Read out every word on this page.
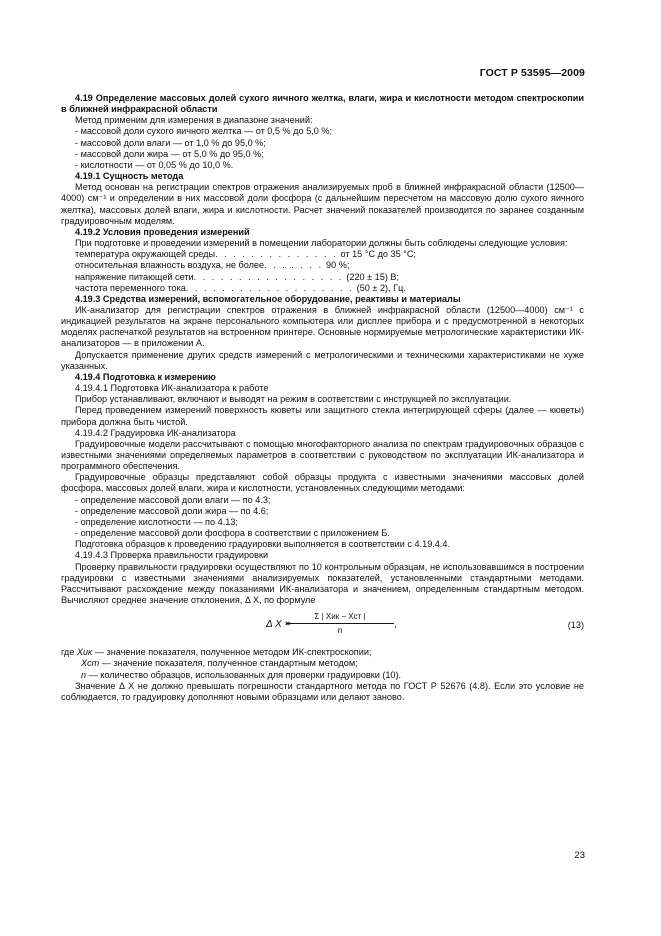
ГОСТ Р 53595—2009

4.19 Определение массовых долей сухого яичного желтка, влаги, жира и кислотности методом спектроскопии в ближней инфракрасной области

Метод применим для измерения в диапазоне значений:

- массовой доли сухого яичного желтка — от 0,5 % до 5,0 %;

- массовой доли влаги — от 1,0 % до 95,0 %;

- массовой доли жира — от 5,0 % до 95,0 %;

- кислотности — от 0,05 % до 10,0 %.

4.19.1 Сущность метода

Метод основан на регистрации спектров отражения анализируемых проб в ближней инфракрасной области (12500—4000) см⁻¹ и определении в них массовой доли фосфора (с дальнейшим пересчетом на массовую долю сухого яичного желтка), массовых долей влаги, жира и кислотности. Расчет значений показателей производится по заранее созданным градуировочным моделям.

4.19.2 Условия проведения измерений

При подготовке и проведении измерений в помещении лаборатории должны быть соблюдены следующие условия:

температура окружающей среды . . . . . . . . . . . . . . от 15 °С до 35 °С;

относительная влажность воздуха, не более . . . . . . . 90 %;

напряжение питающей сети . . . . . . . . . . . . . . . . . (220 ± 15) В;

частота переменного тока . . . . . . . . . . . . . . . . . . . (50 ± 2), Гц.

4.19.3 Средства измерений, вспомогательное оборудование, реактивы и материалы

ИК-анализатор для регистрации спектров отражения в ближней инфракрасной области (12500—4000) см⁻¹ с индикацией результатов на экране персонального компьютера или дисплее прибора и с предусмотренной в некоторых моделях распечаткой результатов на встроенном принтере. Основные нормируемые метрологические характеристики ИК-анализаторов — в приложении А.

Допускается применение других средств измерений с метрологическими и техническими характеристиками не хуже указанных.

4.19.4 Подготовка к измерению

4.19.4.1 Подготовка ИК-анализатора к работе

Прибор устанавливают, включают и выводят на режим в соответствии с инструкцией по эксплуатации.

Перед проведением измерений поверхность кюветы или защитного стекла интегрирующей сферы (далее — кюветы) прибора должна быть чистой.

4.19.4.2 Градуировка ИК-анализатора

Градуировочные модели рассчитывают с помощью многофакторного анализа по спектрам градуировочных образцов с известными значениями определяемых параметров в соответствии с руководством по эксплуатации ИК-анализатора и программного обеспечения.

Градуировочные образцы представляют собой образцы продукта с известными значениями массовых долей фосфора, массовых долей влаги, жира и кислотности, установленных следующими методами:

- определение массовой доли влаги — по 4.3;

- определение массовой доли жира — по 4.6;

- определение кислотности — по 4.13;

- определение массовой доли фосфора в соответствии с приложением Б.

Подготовка образцов к проведению градуировки выполняется в соответствии с 4.19.4.4.

4.19.4.3 Проверка правильности градуировки

Проверку правильности градуировки осуществляют по 10 контрольным образцам, не использовавшимся в построении градуировки с известными значениями анализируемых показателей, установленными стандартными методами. Рассчитывают расхождение между показаниями ИК-анализатора и значением, определенным стандартным методом. Вычисляют среднее значение отклонения, Δ X, по формуле

Δ X =
Σ | Xик − Xст |
n
,	(13)

где Xик — значение показателя, полученное методом ИК-спектроскопии;

Xст — значение показателя, полученное стандартным методом;

n — количество образцов, использованных для проверки градуировки (10).

Значение Δ X не должно превышать погрешности стандартного метода по ГОСТ Р 52676 (4.8). Если это условие не соблюдается, то градуировку дополняют новыми образцами или делают заново.

23
